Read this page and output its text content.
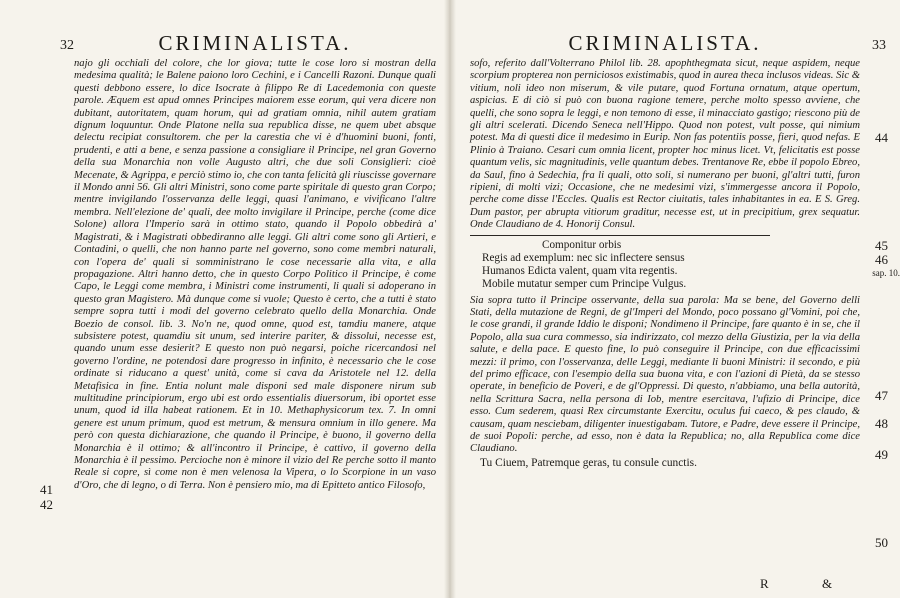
32	CRIMINALISTA.

najo gli occhiali del colore, che lor giova; tutte le cose loro si mostran della medesima qualità; le Balene paiono loro Cechini, e i Cancelli Razoni. Dunque quali questi debbono essere, lo dice Isocrate à filippo Re di Lacedemonia con queste parole. Æquem est apud omnes Principes maiorem esse eorum, qui vera dicere non dubitant, autoritatem, quam horum, qui ad gratiam omnia, nihil autem gratiam dignum loquuntur. Onde Platone nella sua republica disse, ne quem ubet absque delectu recipiat consultorem. che per la carestia che vi è d'huomini buoni, fonti, prudenti, e atti a bene, e senza passione a consigliare il Principe, nel gran Governo della sua Monarchia non volle Augusto altri, che due soli Consiglieri: cioè Mecenate, & Agrippa, e perciò stimo io, che con tanta felicità gli riuscisse governare il Mondo anni 56. Gli altri Ministri, sono come parte spiritale di questo gran Corpo; mentre invigilando l'osservanza delle leggi, quasi l'animano, e vivificano l'altre membra. Nell'elezione de' quali, dee molto invigilare il Principe, perche (come dice Solone) allora l'Imperio sarà in ottimo stato, quando il Popolo obbedirà a' Magistrati, & i Magistrati obbediranno alle leggi. Gli altri come sono gli Artieri, e Contadini, o quelli, che non hanno parte nel governo, sono come membri naturali, con l'opera de' quali si somministrano le cose necessarie alla vita, e alla propagazione. Altri hanno detto, che in questo Corpo Politico il Principe, è come Capo, le Leggi come membra, i Ministri come instrumenti, li quali si adoperano in questo gran Magistero. Mà dunque come si vuole; Questo è certo, che a tutti è stato sempre sopra tutti i modi del governo celebrato quello della Monarchia. Onde Boezio de consol. lib. 3. No'n ne, quod omne, quod est, tamdiu manere, atque subsistere potest, quamdiu sit unum, sed interire pariter, & dissolui, necesse est, quando unum esse desierit? E questo non può negarsi, poiche ricercandosi nel governo l'ordine, ne potendosi dare progresso in infinito, è necessario che le cose ordinate si riducano a quest' unità, come si cava da Aristotele nel 12. della Metafisica in fine. Entia nolunt male disponi sed male disponere nirum sub multitudine principiorum, ergo ubi est ordo essentialis diuersorum, ibi oportet esse unum, quod id illa habeat rationem. Et in 10. Methaphysicorum tex. 7. In omni genere est unum primum, quod est metrum, & mensura omnium in illo genere. Ma però con questa dichiarazione, che quando il Principe, è buono, il governo della Monarchia è il ottimo; & all'incontro il Principe, è cattivo, il governo della Monarchia è il pessimo. Percioche non è minore il vizio del Re perche sotto il manto Reale si copre, sì come non è men velenosa la Vipera, o lo Scorpione in un vaso d'Oro, che di legno, o di Terra. Non è pensiero mio, ma di Epitteto antico Filosofo,

41
42
33
CRIMINALISTA.

sofo, referito dall'Volterrano Philol lib. 28. apophthegmata sicut, neque aspidem, neque scorpium propterea non perniciosos existimabis, quod in aurea theca inclusos videas. Sic & vitium, noli ideo non miserum, & vile putare, quod Fortuna ornatum, atque opertum, aspicias. E di ciò si può con buona ragione temere, perche molto spesso avviene, che quelli, che sono sopra le leggi, e non temono di esse, il minacciato gastigo; riescono più de gli altri scelerati. Dicendo Seneca nell'Hippo. Quod non potest, vult posse, qui nimium potest. Ma di questi dice il medesimo in Eurip. Non fas potentiis posse, fieri, quod nefas. E Plinio à Traiano. Cesari cum omnia licent, propter hoc minus licet. Vt, felicitatis est posse quantum velis, sic magnitudinis, velle quantum debes. Trentanove Re, ebbe il popolo Ebreo, da Saul, fino à Sedechia, fra li quali, otto soli, si numerano per buoni, gl'altri tutti, furon ripieni, di molti vizi; Occasione, che ne medesimi vizi, s'immergesse ancora il Popolo, perche come disse l'Eccles. Qualis est Rector ciuitatis, tales inhabitantes in ea. E S. Greg. Dum pastor, per abrupta vitiorum graditur, necesse est, ut in precipitium, grex sequatur. Onde Claudiano de 4. Honorij Consul.

Componitur orbis
Regis ad exemplum: nec sic inflectere sensus
Humanos Edicta valent, quam vita regentis.
Mobile mutatur semper cum Principe Vulgus.

Sia sopra tutto il Principe osservante, della sua parola: Ma se bene, del Governo delli Stati, della mutazione de Regni, de gl'Imperi del Mondo, poco possano gl'Vomini, poi che, le cose grandi, il grande Iddio le disponi; Nondimeno il Principe, fare quanto è in se, che il Popolo, alla sua cura commesso, sia indirizzato, col mezzo della Giustizia, per la via della salute, e della pace. E questo fine, lo può conseguire il Principe, con due efficacissimi mezzi: il primo, con l'osservanza, delle Leggi, mediante li buoni Ministri: il secondo, e più del primo efficace, con l'esempio della sua buona vita, e con l'azioni di Pietà, da se stesso operate, in beneficio de Poveri, e de gl'Oppressi. Di questo, n'abbiamo, una bella autorità, nella Scrittura Sacra, nella persona di Iob, mentre esercitava, l'ufizio di Principe, dice esso. Cum sederem, quasi Rex circumstante Exercitu, oculus fui caeco, & pes claudo, & causam, quam nesciebam, diligenter inuestigabam. Tutore, e Padre, deve essere il Principe, de suoi Popoli: perche, ad esso, non è data la Republica; no, alla Republica come dice Claudiano.

Tu Ciuem, Patremque geras, tu consule cunctis.

44
45
46
sap. 10.
47
48
49
50
R	&
